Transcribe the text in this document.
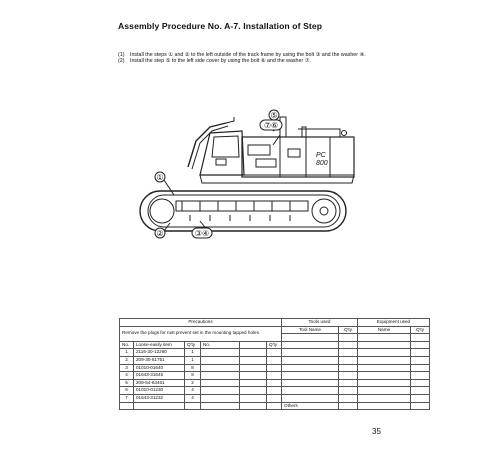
Assembly Procedure No. A-7. Installation of Step
(1)	Install the steps ① and ② to the left outside of the track frame by using the bolt ③ and the washer ④.
(2)	Install the step ⑤ to the left side cover by using the bolt ⑥ and the washer ⑦.
①
②	③④
⑤
⑦⑥
PC
800
Precautions						Tools used		Equipment used	
Remove the plugs for rust prevent set in the mounting tapped holes.						Tool Name	Q'ty	Name	Q'ty

No.	Loose-easily item	Q'ty	No.		Q'ty				
1	2116-30-12260	1							
2	209-30-61751	1							
3	01010-01640	8							
4	01643-31645	8							
5	209-54-63461	2							
6	01010-01230	4							
7	01643-31232	4							
						Others			
35
